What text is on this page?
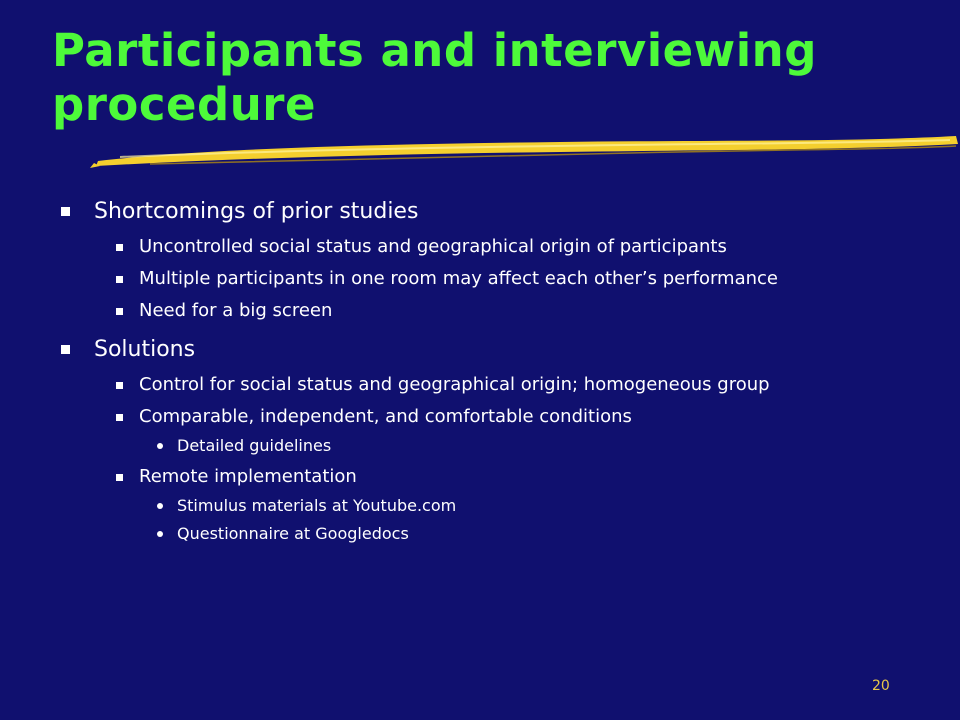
Participants and interviewing procedure
Shortcomings of prior studies
Uncontrolled social status and geographical origin of participants
Multiple participants in one room may affect each other’s performance
Need for a big screen
Solutions
Control for social status and geographical origin; homogeneous group
Comparable, independent, and comfortable conditions
Detailed guidelines
Remote implementation
Stimulus materials at Youtube.com
Questionnaire at Googledocs
20
